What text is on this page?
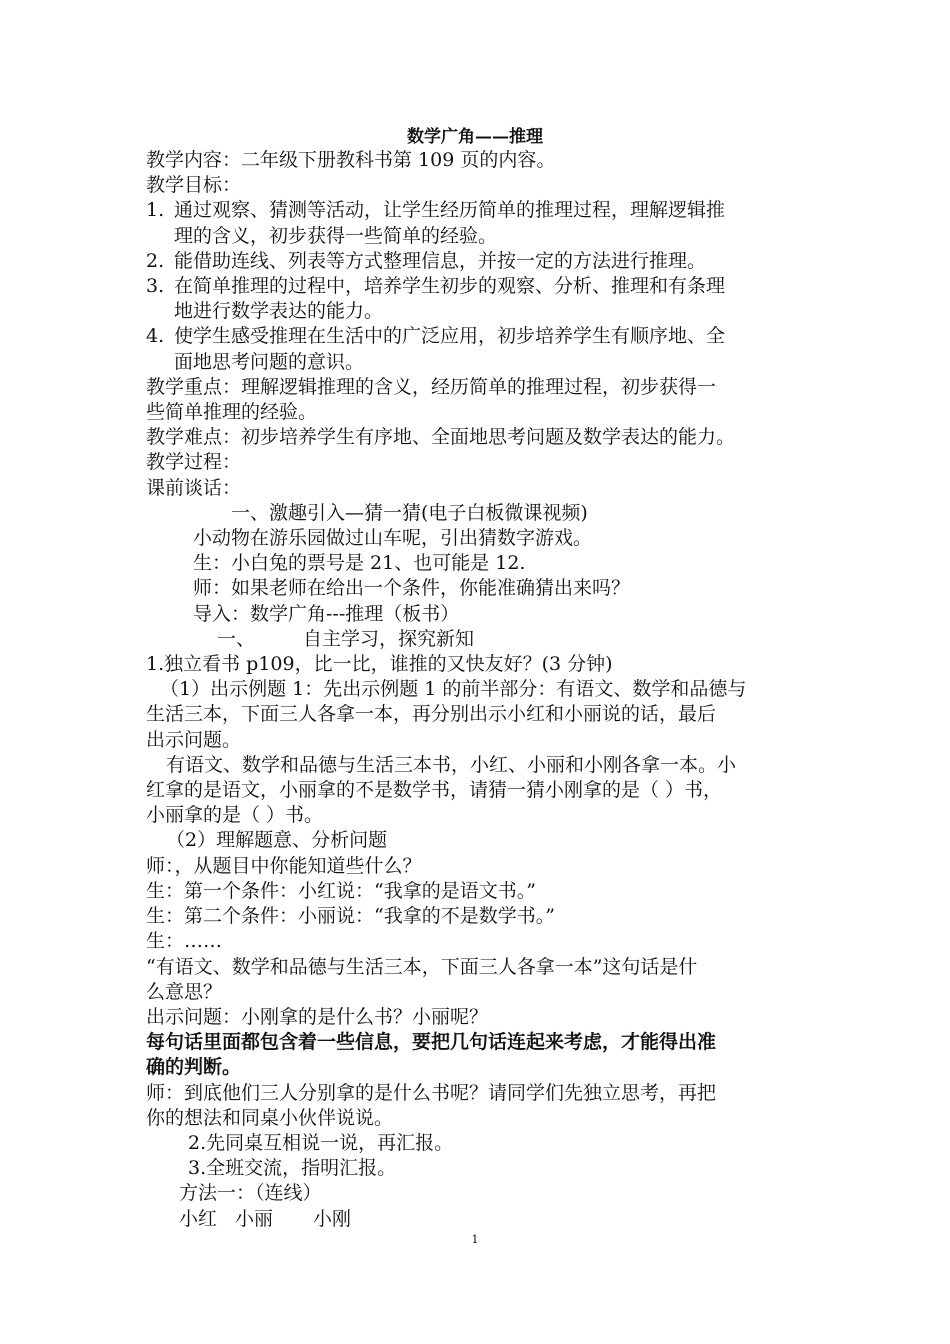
数学广角——推理

教学内容：二年级下册教科书第 109 页的内容。

教学目标：

1. 通过观察、猜测等活动，让学生经历简单的推理过程，理解逻辑推

理的含义，初步获得一些简单的经验。

2. 能借助连线、列表等方式整理信息，并按一定的方法进行推理。

3. 在简单推理的过程中，培养学生初步的观察、分析、推理和有条理

地进行数学表达的能力。

4. 使学生感受推理在生活中的广泛应用，初步培养学生有顺序地、全

面地思考问题的意识。

教学重点：理解逻辑推理的含义，经历简单的推理过程，初步获得一

些简单推理的经验。

教学难点：初步培养学生有序地、全面地思考问题及数学表达的能力。

教学过程：

课前谈话：

一、激趣引入—猜一猜(电子白板微课视频)

小动物在游乐园做过山车呢，引出猜数字游戏。

生：小白兔的票号是 21、也可能是 12.

师：如果老师在给出一个条件，你能准确猜出来吗？

导入：数学广角---推理（板书）

一、	自主学习，探究新知

1.独立看书 p109，比一比，谁推的又快友好？(3 分钟)

（1）出示例题 1：先出示例题 1 的前半部分：有语文、数学和品德与

生活三本，下面三人各拿一本，再分别出示小红和小丽说的话，最后

出示问题。

有语文、数学和品德与生活三本书，小红、小丽和小刚各拿一本。小

红拿的是语文，小丽拿的不是数学书，请猜一猜小刚拿的是（ ）书，

小丽拿的是（ ）书。

（2）理解题意、分析问题

师：，从题目中你能知道些什么？

生：第一个条件：小红说：“我拿的是语文书。”

生：第二个条件：小丽说：“我拿的不是数学书。”

生：……

“有语文、数学和品德与生活三本，下面三人各拿一本”这句话是什

么意思？

出示问题：小刚拿的是什么书？小丽呢？

每句话里面都包含着一些信息，要把几句话连起来考虑，才能得出准

确的判断。

师：到底他们三人分别拿的是什么书呢？请同学们先独立思考，再把

你的想法和同桌小伙伴说说。

2.先同桌互相说一说，再汇报。

3.全班交流，指明汇报。

方法一：（连线）

小红 小丽 小刚

1
